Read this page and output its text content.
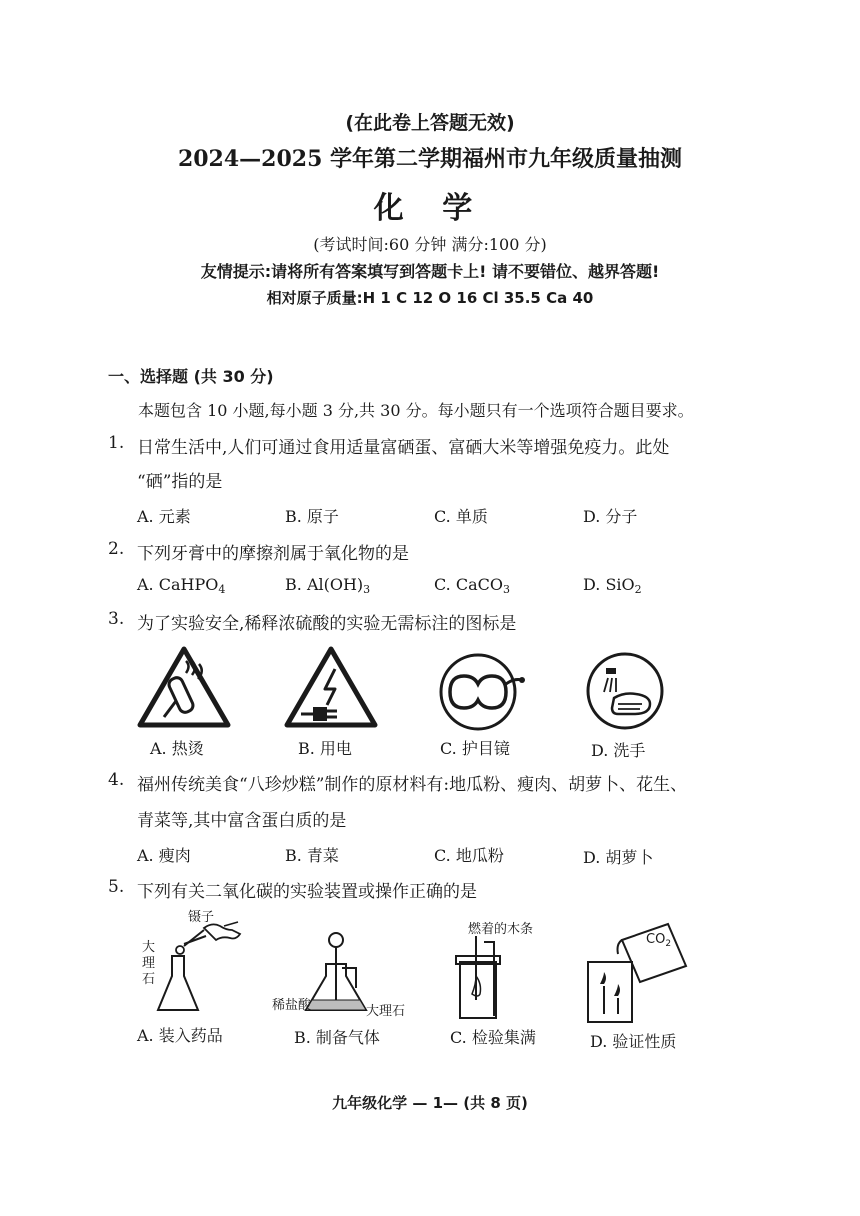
(在此卷上答题无效)
2024—2025 学年第二学期福州市九年级质量抽测
化 学
(考试时间:60 分钟 满分:100 分)
友情提示:请将所有答案填写到答题卡上! 请不要错位、越界答题!
相对原子质量:H 1 C 12 O 16 Cl 35.5 Ca 40
一、选择题 (共 30 分)
本题包含 10 小题,每小题 3 分,共 30 分。每小题只有一个选项符合题目要求。
1. 日常生活中,人们可通过食用适量富硒蛋、富硒大米等增强免疫力。此处
“硒”指的是
A. 元素	B. 原子	C. 单质	D. 分子
2. 下列牙膏中的摩擦剂属于氧化物的是
A. CaHPO$_4$	B. $Al(OH)_3$	C. CaCO$_3$	D. SiO$_2$
3. 为了实验安全,稀释浓硫酸的实验无需标注的图标是
A. 热烫	B. 用电	C. 护目镜	D. 洗手
4. 福州传统美食“八珍炒糕”制作的原材料有:地瓜粉、瘦肉、胡萝卜、花生、
青菜等,其中富含蛋白质的是
A. 瘦肉	B. 青菜	C. 地瓜粉	D. 胡萝卜
5. 下列有关二氧化碳的实验装置或操作正确的是
镊子
大
理
石
稀盐酸	大理石
燃着的木条
$CO_2$
A. 装入药品	B. 制备气体	C. 检验集满	D. 验证性质
九年级化学 — 1— (共 8 页)
